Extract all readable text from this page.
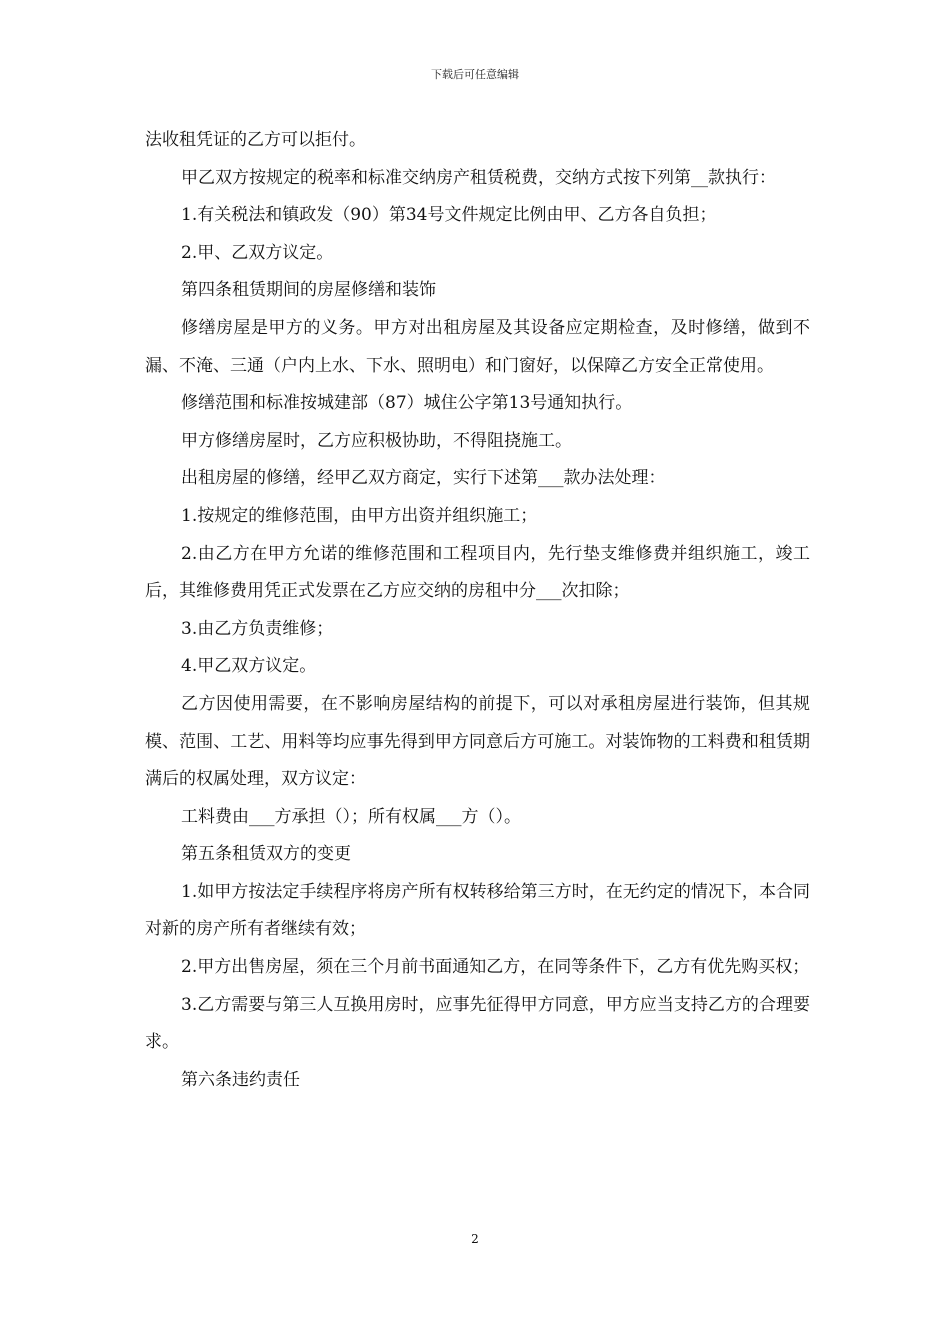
下载后可任意编辑

法收租凭证的乙方可以拒付。

甲乙双方按规定的税率和标准交纳房产租赁税费，交纳方式按下列第__款执行：

1.有关税法和镇政发（90）第34号文件规定比例由甲、乙方各自负担；

2.甲、乙双方议定。

第四条租赁期间的房屋修缮和装饰

修缮房屋是甲方的义务。甲方对出租房屋及其设备应定期检查，及时修缮，做到不漏、不淹、三通（户内上水、下水、照明电）和门窗好，以保障乙方安全正常使用。

修缮范围和标准按城建部（87）城住公字第13号通知执行。

甲方修缮房屋时，乙方应积极协助，不得阻挠施工。

出租房屋的修缮，经甲乙双方商定，实行下述第___款办法处理：

1.按规定的维修范围，由甲方出资并组织施工；

2.由乙方在甲方允诺的维修范围和工程项目内，先行垫支维修费并组织施工，竣工后，其维修费用凭正式发票在乙方应交纳的房租中分___次扣除；

3.由乙方负责维修；

4.甲乙双方议定。

乙方因使用需要，在不影响房屋结构的前提下，可以对承租房屋进行装饰，但其规模、范围、工艺、用料等均应事先得到甲方同意后方可施工。对装饰物的工料费和租赁期满后的权属处理，双方议定：

工料费由___方承担（）；所有权属___方（）。

第五条租赁双方的变更

1.如甲方按法定手续程序将房产所有权转移给第三方时，在无约定的情况下，本合同对新的房产所有者继续有效；

2.甲方出售房屋，须在三个月前书面通知乙方，在同等条件下，乙方有优先购买权；

3.乙方需要与第三人互换用房时，应事先征得甲方同意，甲方应当支持乙方的合理要求。

第六条违约责任

2
